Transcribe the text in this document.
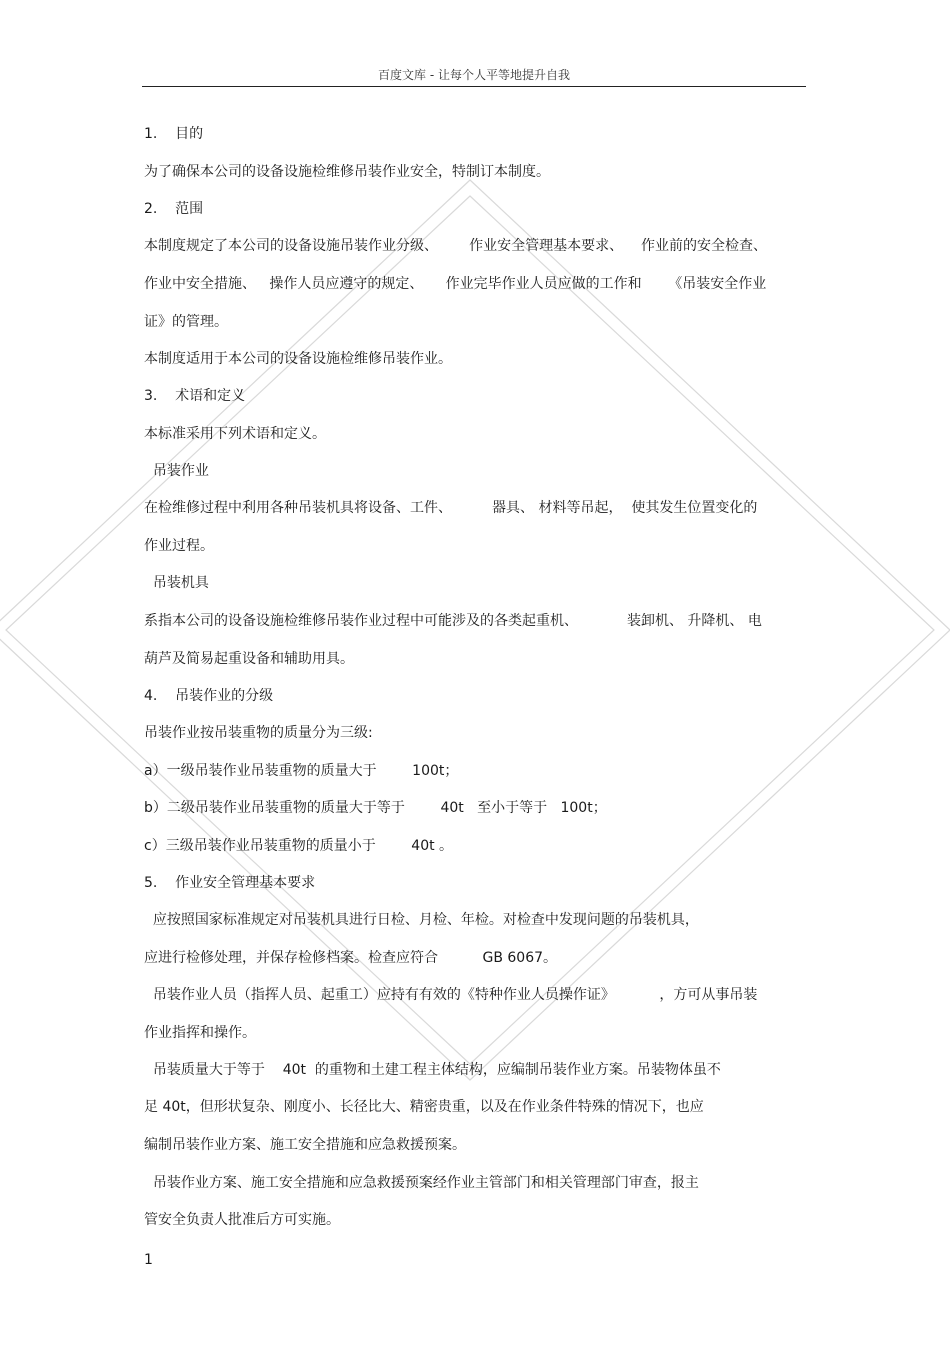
百度文库 - 让每个人平等地提升自我
1.    目的
为了确保本公司的设备设施检维修吊装作业安全，特制订本制度。
2.    范围
本制度规定了本公司的设备设施吊装作业分级、       作业安全管理基本要求、    作业前的安全检查、
作业中安全措施、   操作人员应遵守的规定、     作业完毕作业人员应做的工作和      《吊装安全作业
证》的管理。
本制度适用于本公司的设备设施检维修吊装作业。
3.    术语和定义
本标准采用下列术语和定义。
吊装作业
在检维修过程中利用各种吊装机具将设备、工件、         器具、 材料等吊起，  使其发生位置变化的
作业过程。
吊装机具
系指本公司的设备设施检维修吊装作业过程中可能涉及的各类起重机、           装卸机、 升降机、 电
葫芦及简易起重设备和辅助用具。
4.    吊装作业的分级
吊装作业按吊装重物的质量分为三级:
a）一级吊装作业吊装重物的质量大于        100t；
b）二级吊装作业吊装重物的质量大于等于        40t   至小于等于   100t；
c）三级吊装作业吊装重物的质量小于        40t 。
5.    作业安全管理基本要求
应按照国家标准规定对吊装机具进行日检、月检、年检。对检查中发现问题的吊装机具，
应进行检修处理，并保存检修档案。检查应符合          GB 6067。
吊装作业人员（指挥人员、起重工）应持有有效的《特种作业人员操作证》          ，方可从事吊装
作业指挥和操作。
吊装质量大于等于    40t  的重物和土建工程主体结构，应编制吊装作业方案。吊装物体虽不
足 40t，但形状复杂、刚度小、长径比大、精密贵重，以及在作业条件特殊的情况下，也应
编制吊装作业方案、施工安全措施和应急救援预案。
吊装作业方案、施工安全措施和应急救援预案经作业主管部门和相关管理部门审查，报主
管安全负责人批准后方可实施。
1
